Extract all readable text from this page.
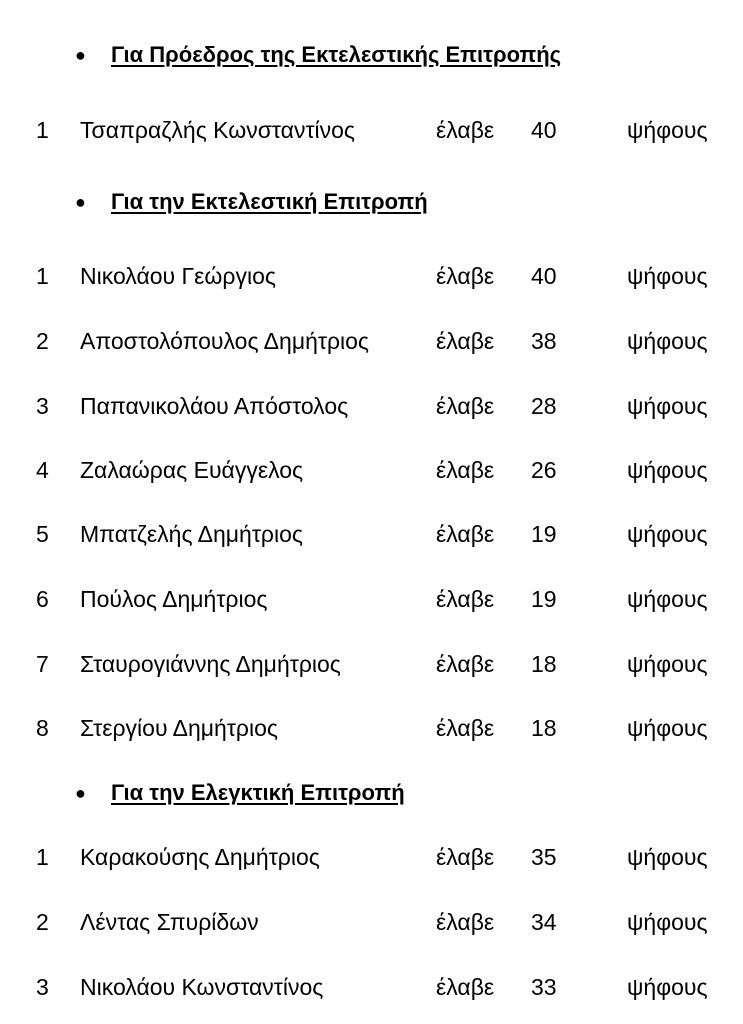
● Για Πρόεδρος της Εκτελεστικής Επιτροπής
1 Τσαπραζλής Κωνσταντίνος	έλαβε 40	ψήφους
● Για την Εκτελεστική Επιτροπή
1 Νικολάου Γεώργιος	έλαβε 40	ψήφους
2 Αποστολόπουλος Δημήτριος	έλαβε 38	ψήφους
3 Παπανικολάου Απόστολος	έλαβε 28	ψήφους
4 Ζαλαώρας Ευάγγελος	έλαβε 26	ψήφους
5 Μπατζελής Δημήτριος	έλαβε 19	ψήφους
6 Πούλος Δημήτριος	έλαβε 19	ψήφους
7 Σταυρογιάννης Δημήτριος	έλαβε 18	ψήφους
8 Στεργίου Δημήτριος	έλαβε 18	ψήφους
● Για την Ελεγκτική Επιτροπή
1 Καρακούσης Δημήτριος	έλαβε 35	ψήφους
2 Λέντας Σπυρίδων	έλαβε 34	ψήφους
3 Νικολάου Κωνσταντίνος	έλαβε 33	ψήφους
